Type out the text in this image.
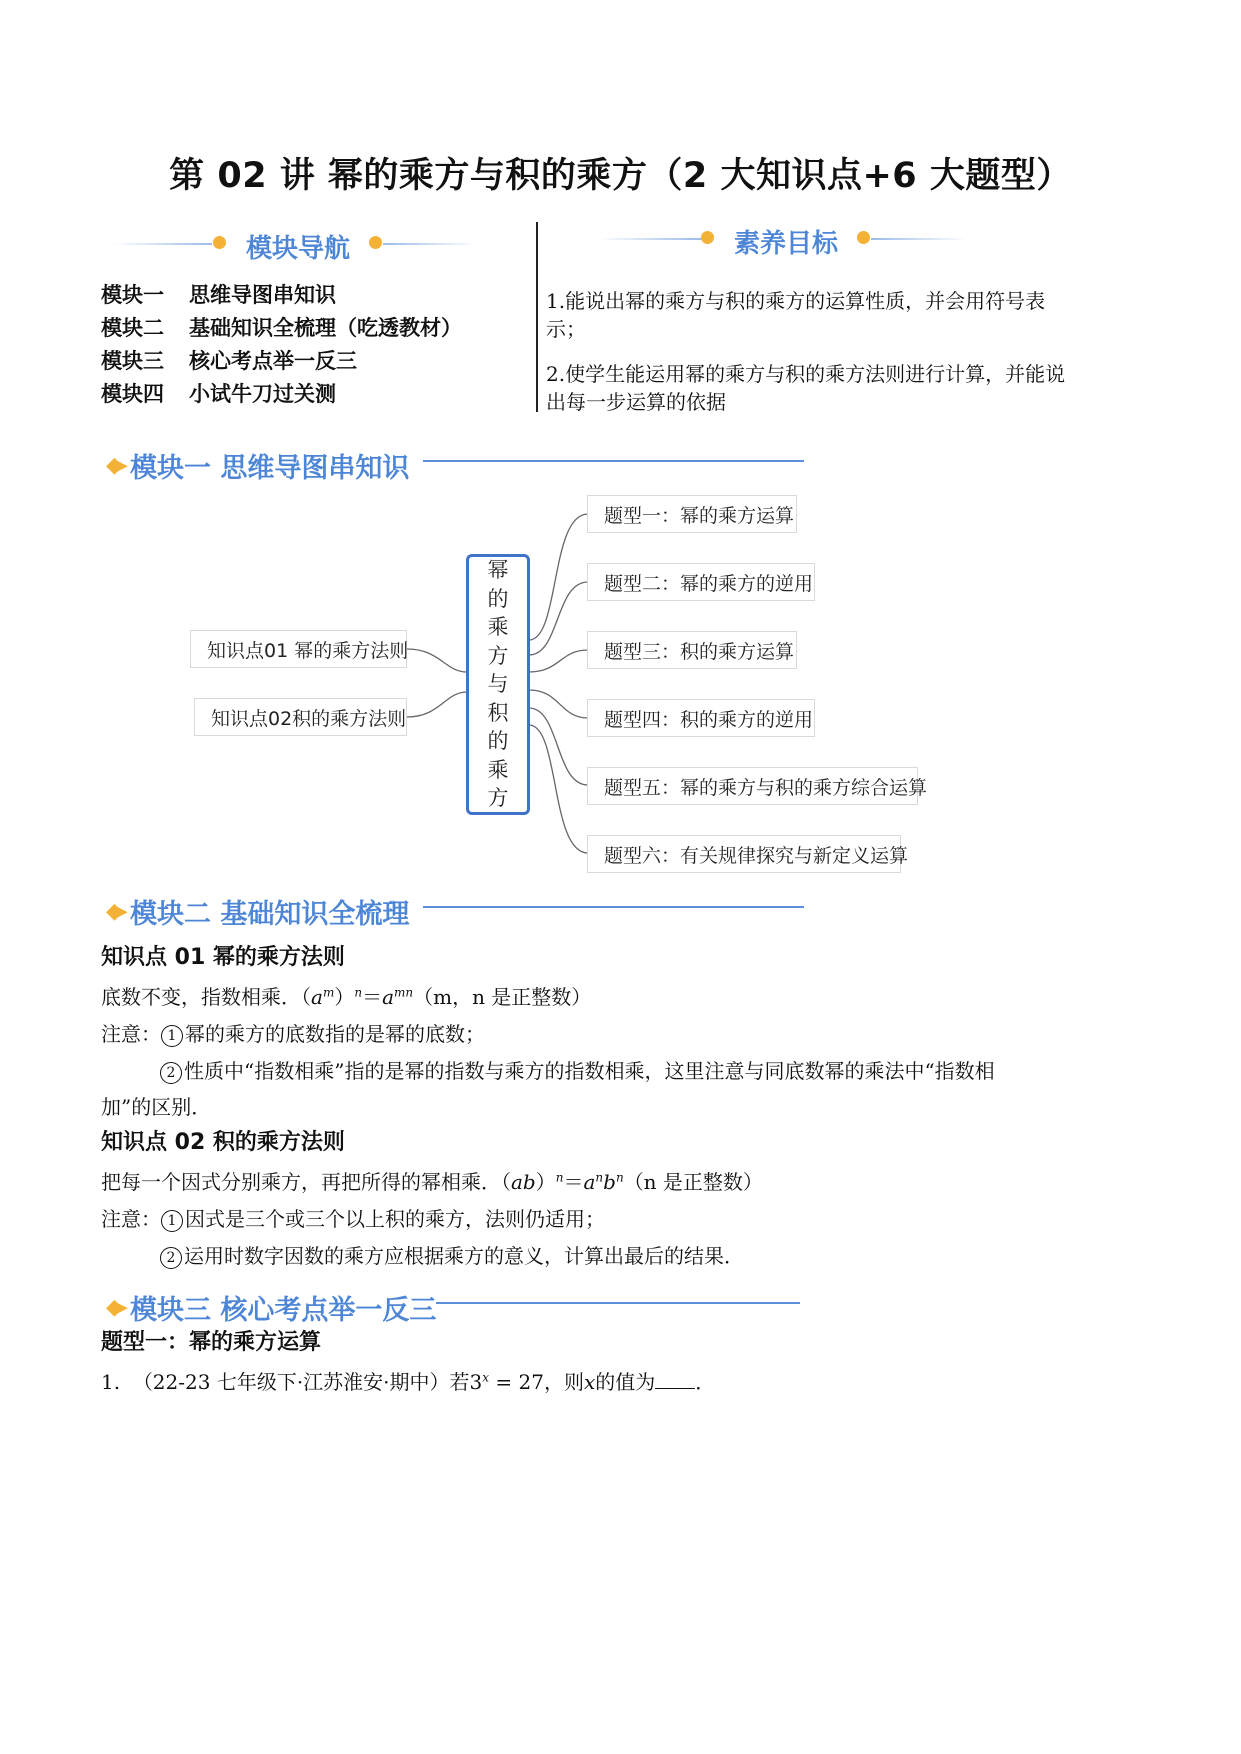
第 02 讲 幂的乘方与积的乘方（2 大知识点+6 大题型）
模块导航
模块一 思维导图串知识
模块二 基础知识全梳理（吃透教材）
模块三 核心考点举一反三
模块四 小试牛刀过关测
素养目标
1.能说出幂的乘方与积的乘方的运算性质，并会用符号表示；
2.使学生能运用幂的乘方与积的乘方法则进行计算，并能说出每一步运算的依据
◆▸ 模块一 思维导图串知识
幂
的
乘
方
与
积
的
乘
方
知识点01 幂的乘方法则
知识点02积的乘方法则
题型一：幂的乘方运算
题型二：幂的乘方的逆用
题型三：积的乘方运算
题型四：积的乘方的逆用
题型五：幂的乘方与积的乘方综合运算
题型六：有关规律探究与新定义运算
◆▸ 模块二 基础知识全梳理
知识点 01 幂的乘方法则
底数不变，指数相乘．$(a^m)^n=a^{mn}(m$，n 是正整数）
注意： 1 幂的乘方的底数指的是幂的底数；
2 性质中“指数相乘”指的是幂的指数与乘方的指数相乘，这里注意与同底数幂的乘法中“指数相
加”的区别．
知识点 02 积的乘方法则
把每一个因式分别乘方，再把所得的幂相乘．$(ab)^n=a^nb^n(n$ 是正整数）
注意： 1 因式是三个或三个以上积的乘方，法则仍适用；
2 运用时数字因数的乘方应根据乘方的意义，计算出最后的结果．
◆▸ 模块三 核心考点举一反三
题型一：幂的乘方运算
1. （22-23 七年级下·江苏淮安·期中）若$3^x = 27$，则x的值为 ．
